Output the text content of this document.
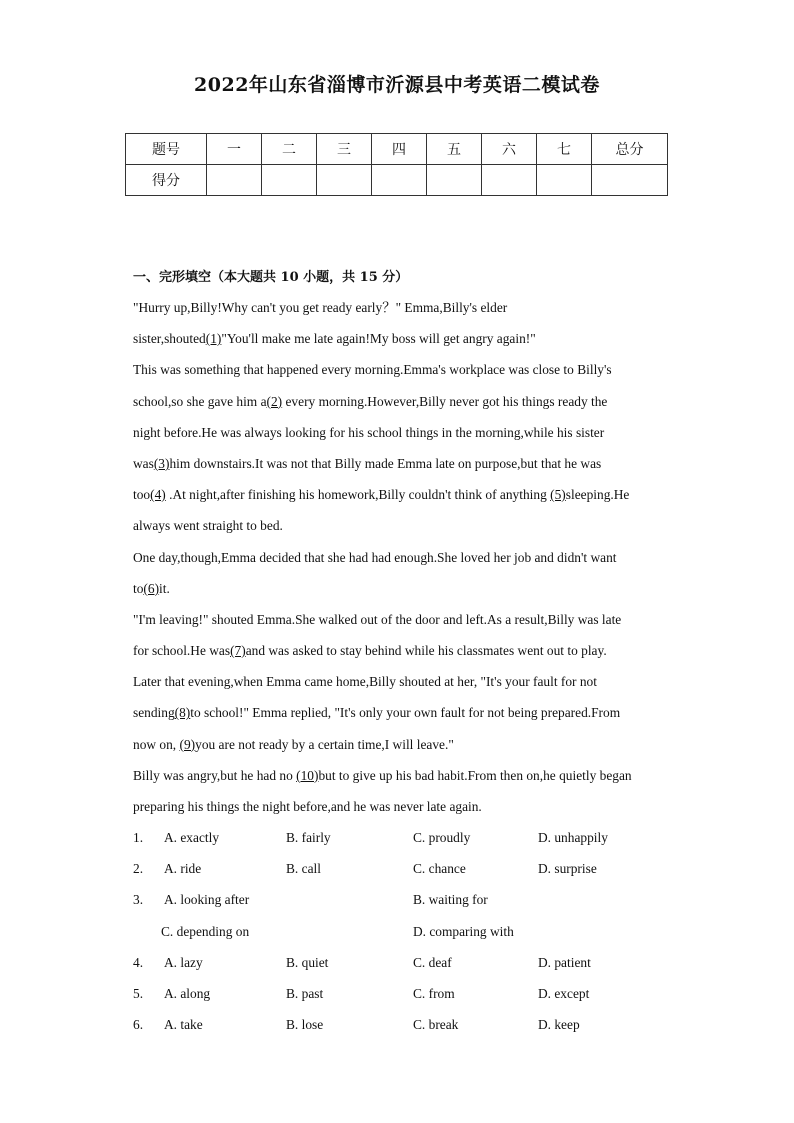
2022年山东省淄博市沂源县中考英语二模试卷
题号	一	二	三	四	五	六	七	总分
得分								
一、完形填空（本大题共 10 小题，共 15 分）
"Hurry up,Billy!Why can't you get ready early？" Emma,Billy's elder
sister,shouted(1)"You'll make me late again!My boss will get angry again!"
This was something that happened every morning.Emma's workplace was close to Billy's
school,so she gave him a(2) every morning.However,Billy never got his things ready the
night before.He was always looking for his school things in the morning,while his sister
was(3)him downstairs.It was not that Billy made Emma late on purpose,but that he was
too(4) .At night,after finishing his homework,Billy couldn't think of anything (5)sleeping.He
always went straight to bed.
One day,though,Emma decided that she had had enough.She loved her job and didn't want
to(6)it.
"I'm leaving!" shouted Emma.She walked out of the door and left.As a result,Billy was late
for school.He was(7)and was asked to stay behind while his classmates went out to play.
Later that evening,when Emma came home,Billy shouted at her, "It's your fault for not
sending(8)to school!" Emma replied, "It's only your own fault for not being prepared.From
now on, (9)you are not ready by a certain time,I will leave."
Billy was angry,but he had no (10)but to give up his bad habit.From then on,he quietly began
preparing his things the night before,and he was never late again.
1. A. exactly	B. fairly	C. proudly	D. unhappily
2. A. ride	B. call	C. chance	D. surprise
3. A. looking after	B. waiting for
C. depending on	D. comparing with
4. A. lazy	B. quiet	C. deaf	D. patient
5. A. along	B. past	C. from	D. except
6. A. take	B. lose	C. break	D. keep
